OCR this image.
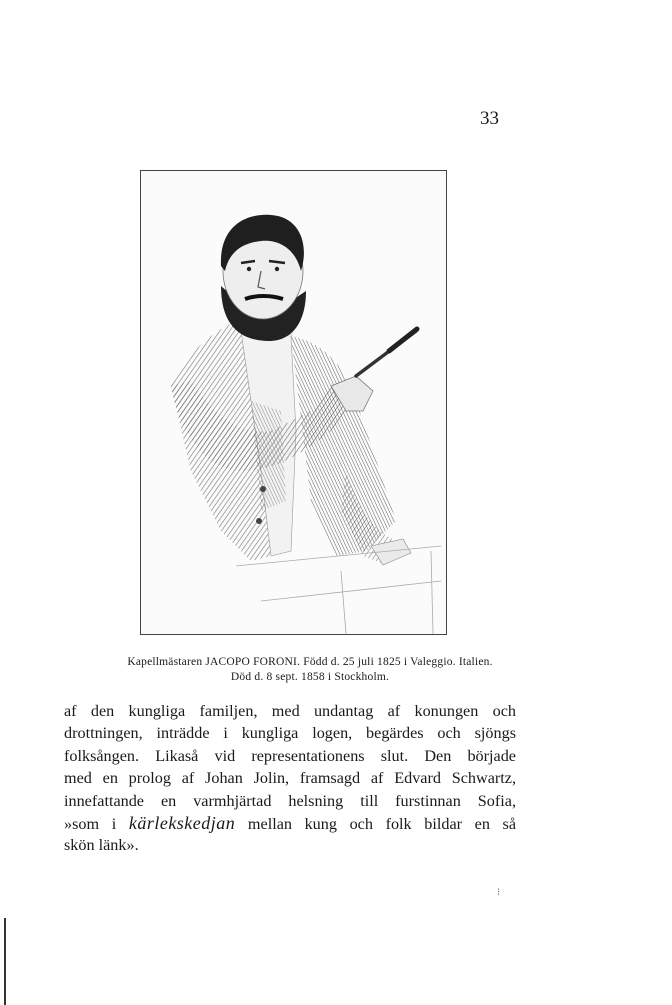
33
Kapellmästaren JACOPO FORONI. Född d. 25 juli 1825 i Valeggio. Italien.
Död d. 8 sept. 1858 i Stockholm.
af den kungliga familjen, med undantag af konungen och
drottningen, inträdde i kungliga logen, begärdes och sjöngs
folksången. Likaså vid representationens slut. Den började
med en prolog af Johan Jolin, framsagd af Edvard Schwartz,
innefattande en varmhjärtad helsning till furstinnan Sofia,
»som i kärlekskedjan mellan kung och folk bildar en så
skön länk».
⁝
